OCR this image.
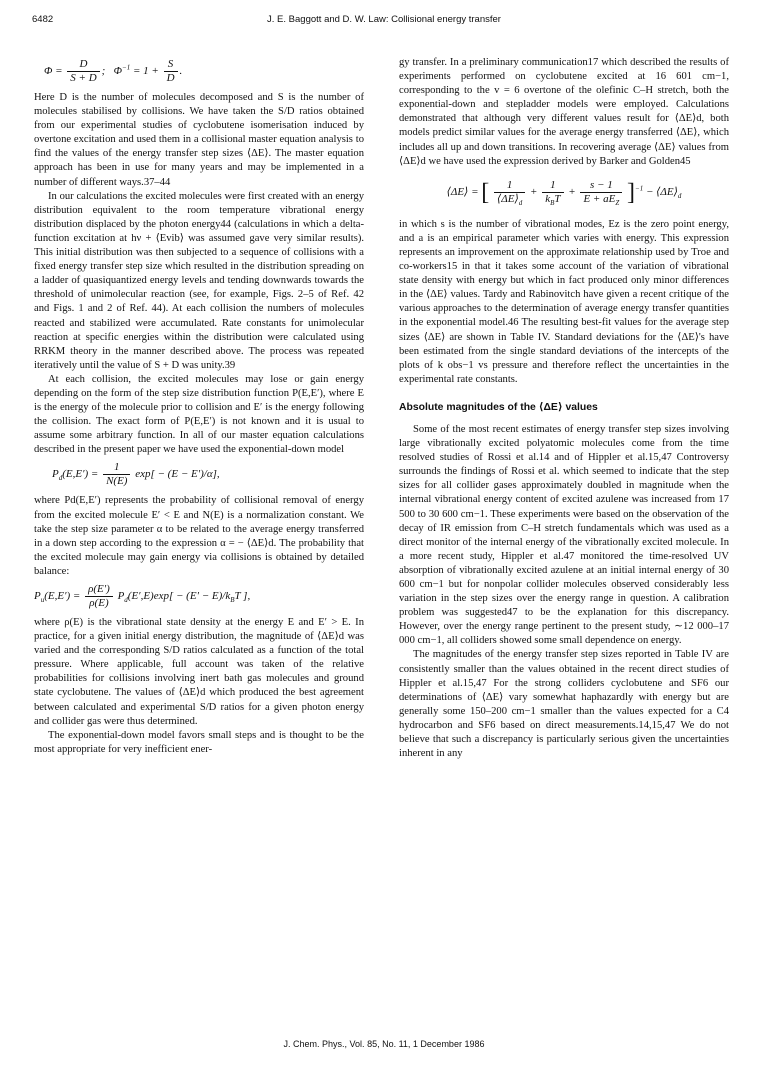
6482	J. E. Baggott and D. W. Law: Collisional energy transfer
$\Phi = \frac{D}{S + D}$ ;   $\Phi^{-1} = 1 + \frac{S}{D}$ .

Here D is the number of molecules decomposed and S is the number of molecules stabilised by collisions. We have taken the S/D ratios obtained from our experimental studies of cyclobutene isomerisation induced by overtone excitation and used them in a collisional master equation analysis to find the values of the energy transfer step sizes ⟨ΔE⟩. The master equation approach has been in use for many years and may be implemented in a number of different ways.37–44

In our calculations the excited molecules were first created with an energy distribution equivalent to the room temperature vibrational energy distribution displaced by the photon energy44 (calculations in which a delta-function excitation at hν + ⟨Evib⟩ was assumed gave very similar results). This initial distribution was then subjected to a sequence of collisions with a fixed energy transfer step size which resulted in the distribution spreading on a ladder of quasiquantized energy levels and tending downwards towards the threshold of unimolecular reaction (see, for example, Figs. 2–5 of Ref. 42 and Figs. 1 and 2 of Ref. 44). At each collision the numbers of molecules reacted and stabilized were accumulated. Rate constants for unimolecular reaction at specific energies within the distribution were calculated using RRKM theory in the manner described above. The process was repeated iteratively until the value of S + D was unity.39

At each collision, the excited molecules may lose or gain energy depending on the form of the step size distribution function P(E,E′), where E is the energy of the molecule prior to collision and E′ is the energy following the collision. The exact form of P(E,E′) is not known and it is usual to assume some arbitrary function. In all of our master equation calculations described in the present paper we have used the exponential-down model

$P_d(E,E') = \frac{1}{N(E)} \exp[ - (E - E')/\alpha]$,

where Pd(E,E′) represents the probability of collisional removal of energy from the excited molecule E′ < E and N(E) is a normalization constant. We take the step size parameter α to be related to the average energy transferred in a down step according to the expression α = − ⟨ΔE⟩d. The probability that the excited molecule may gain energy via collisions is obtained by detailed balance:

$P_u(E,E') = \frac{\rho(E')}{\rho(E)} P_d(E',E)\exp[ - (E' - E)/k_BT$ ],

where ρ(E) is the vibrational state density at the energy E and E′ > E. In practice, for a given initial energy distribution, the magnitude of ⟨ΔE⟩d was varied and the corresponding S/D ratios calculated as a function of the total pressure. Where applicable, full account was taken of the relative probabilities for collisions involving inert bath gas molecules and ground state cyclobutene. The values of ⟨ΔE⟩d which produced the best agreement between calculated and experimental S/D ratios for a given photon energy and collider gas were thus determined.

The exponential-down model favors small steps and is thought to be the most appropriate for very inefficient ener-

gy transfer. In a preliminary communication17 which described the results of experiments performed on cyclobutene excited at 16 601 cm−1, corresponding to the v = 6 overtone of the olefinic C–H stretch, both the exponential-down and stepladder models were employed. Calculations demonstrated that although very different values result for ⟨ΔE⟩d, both models predict similar values for the average energy transferred ⟨ΔE⟩, which includes all up and down transitions. In recovering average ⟨ΔE⟩ values from ⟨ΔE⟩d we have used the expression derived by Barker and Golden45

⟨ΔE⟩ = [ $\frac{1}{⟨\Delta E⟩_d} + \frac{1}{k_BT} + \frac{s - 1}{E + aE_Z} ]^{-1}$ − $⟨\Delta E⟩_d$

in which s is the number of vibrational modes, Ez is the zero point energy, and a is an empirical parameter which varies with energy. This expression represents an improvement on the approximate relationship used by Troe and co-workers15 in that it takes some account of the variation of vibrational state density with energy but which in fact produced only minor differences in the ⟨ΔE⟩ values. Tardy and Rabinovitch have given a recent critique of the various approaches to the determination of average energy transfer quantities in the exponential model.46 The resulting best-fit values for the average step sizes ⟨ΔE⟩ are shown in Table IV. Standard deviations for the ⟨ΔE⟩'s have been estimated from the single standard deviations of the intercepts of the plots of k obs−1 vs pressure and therefore reflect the uncertainties in the experimental rate constants.

Absolute magnitudes of the ⟨ΔE⟩ values

Some of the most recent estimates of energy transfer step sizes involving large vibrationally excited polyatomic molecules come from the time resolved studies of Rossi et al.14 and of Hippler et al.15,47 Controversy surrounds the findings of Rossi et al. which seemed to indicate that the step sizes for all collider gases approximately doubled in magnitude when the internal vibrational energy content of excited azulene was increased from 17 500 to 30 600 cm−1. These experiments were based on the observation of the decay of IR emission from C–H stretch fundamentals which was used as a direct monitor of the internal energy of the vibrationally excited molecule. In a more recent study, Hippler et al.47 monitored the time-resolved UV absorption of vibrationally excited azulene at an initial internal energy of 30 600 cm−1 but for nonpolar collider molecules observed considerably less variation in the step sizes over the energy range in question. A calibration problem was suggested47 to be the explanation for this discrepancy. However, over the energy range pertinent to the present study, ∼12 000–17 000 cm−1, all colliders showed some small dependence on energy.

The magnitudes of the energy transfer step sizes reported in Table IV are consistently smaller than the values obtained in the recent direct studies of Hippler et al.15,47 For the strong colliders cyclobutene and SF6 our determinations of ⟨ΔE⟩ vary somewhat haphazardly with energy but are generally some 150–200 cm−1 smaller than the values expected for a C4 hydrocarbon and SF6 based on direct measurements.14,15,47 We do not believe that such a discrepancy is particularly serious given the uncertainties inherent in any

J. Chem. Phys., Vol. 85, No. 11, 1 December 1986
